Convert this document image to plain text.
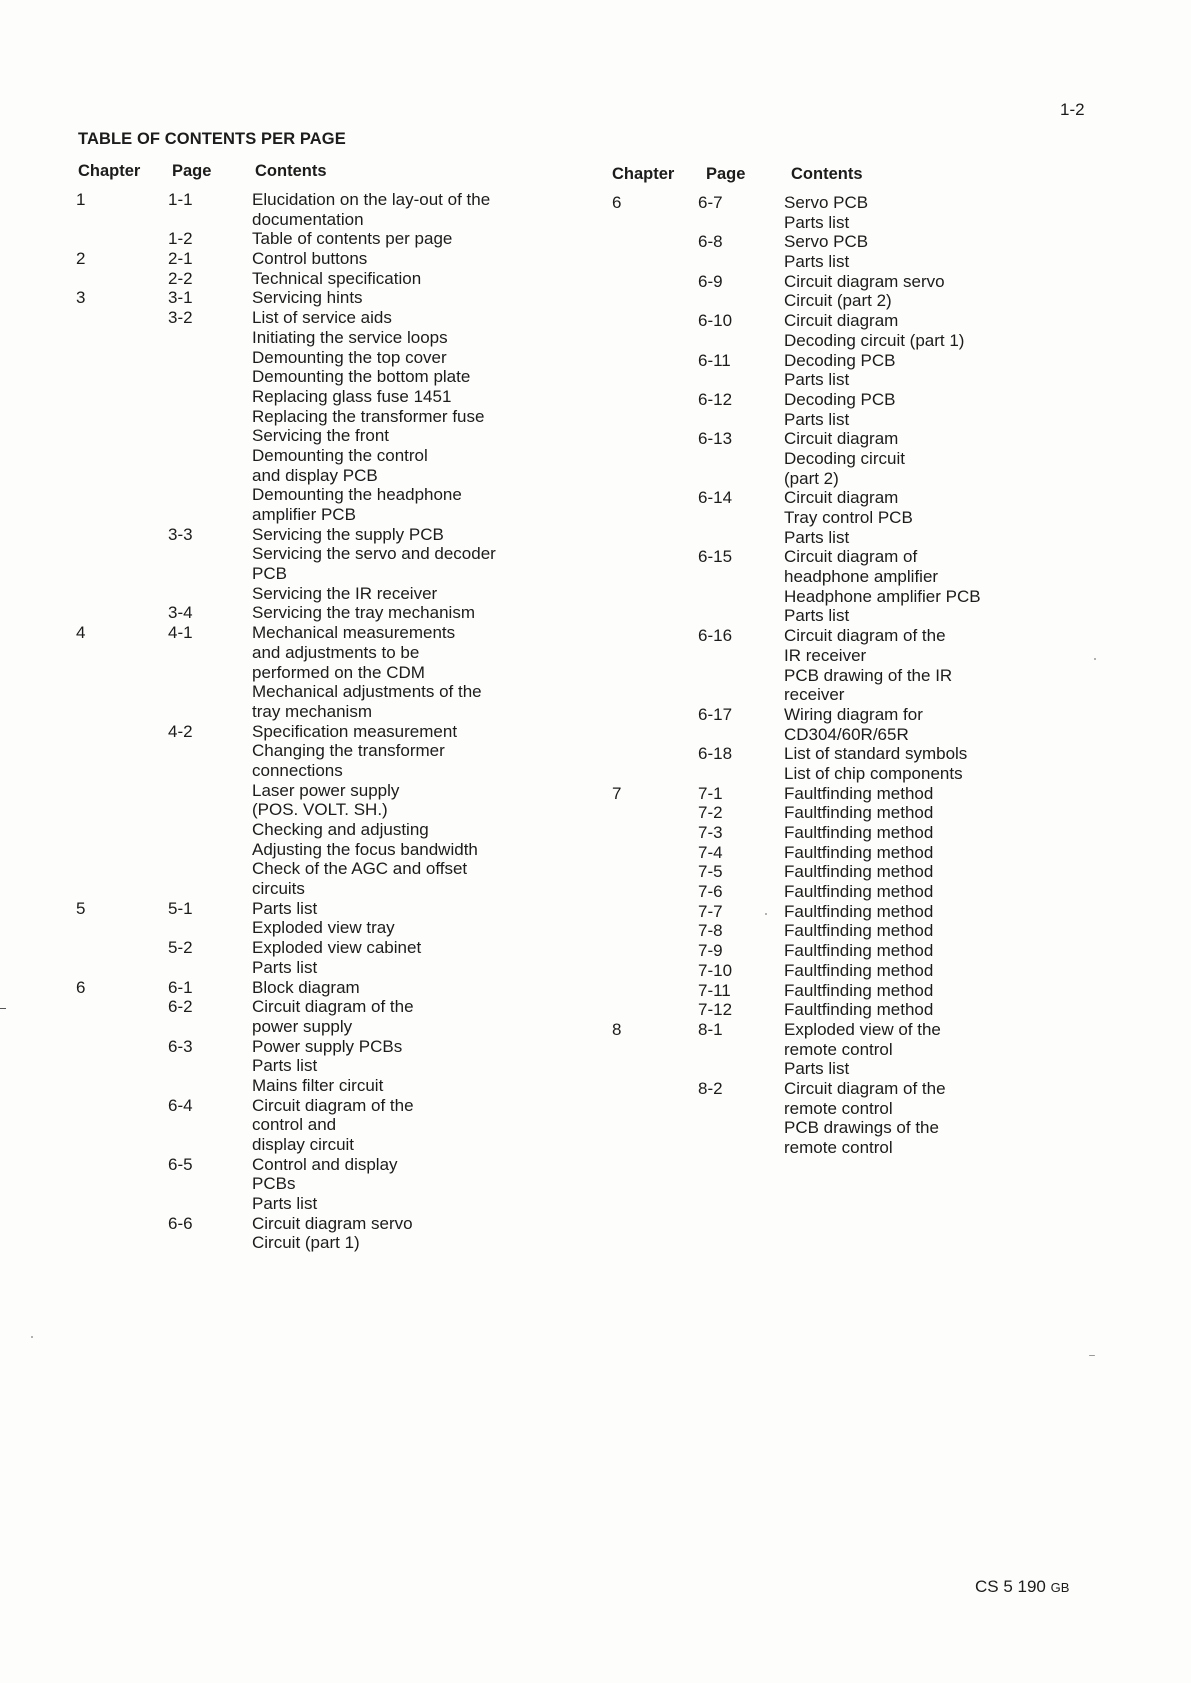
1-2
TABLE OF CONTENTS PER PAGE
Chapter Page	Contents
1	1-1	Elucidation on the lay-out of the
documentation
1-2	Table of contents per page
2	2-1	Control buttons
2-2	Technical specification
3	3-1	Servicing hints
3-2	List of service aids
Initiating the service loops
Demounting the top cover
Demounting the bottom plate
Replacing glass fuse 1451
Replacing the transformer fuse
Servicing the front
Demounting the control
and display PCB
Demounting the headphone
amplifier PCB
3-3	Servicing the supply PCB
Servicing the servo and decoder
PCB
Servicing the IR receiver
3-4	Servicing the tray mechanism
4	4-1	Mechanical measurements
and adjustments to be
performed on the CDM
Mechanical adjustments of the
tray mechanism
4-2	Specification measurement
Changing the transformer
connections
Laser power supply
(POS. VOLT. SH.)
Checking and adjusting
Adjusting the focus bandwidth
Check of the AGC and offset
circuits
5	5-1	Parts list
Exploded view tray
5-2	Exploded view cabinet
Parts list
6	6-1	Block diagram
6-2	Circuit diagram of the
power supply
6-3	Power supply PCBs
Parts list
Mains filter circuit
6-4	Circuit diagram of the
control and
display circuit
6-5	Control and display
PCBs
Parts list
6-6	Circuit diagram servo
Circuit (part 1)
Chapter Page	Contents
6	6-7	Servo PCB
Parts list
6-8	Servo PCB
Parts list
6-9	Circuit diagram servo
Circuit (part 2)
6-10	Circuit diagram
Decoding circuit (part 1)
6-11	Decoding PCB
Parts list
6-12	Decoding PCB
Parts list
6-13	Circuit diagram
Decoding circuit
(part 2)
6-14	Circuit diagram
Tray control PCB
Parts list
6-15	Circuit diagram of
headphone amplifier
Headphone amplifier PCB
Parts list
6-16	Circuit diagram of the
IR receiver
PCB drawing of the IR
receiver
6-17	Wiring diagram for
CD304/60R/65R
6-18	List of standard symbols
List of chip components
7	7-1	Faultfinding method
7-2	Faultfinding method
7-3	Faultfinding method
7-4	Faultfinding method
7-5	Faultfinding method
7-6	Faultfinding method
7-7	Faultfinding method
7-8	Faultfinding method
7-9	Faultfinding method
7-10	Faultfinding method
7-11	Faultfinding method
7-12	Faultfinding method
8	8-1	Exploded view of the
remote control
Parts list
8-2	Circuit diagram of the
remote control
PCB drawings of the
remote control
CS 5 190 GB
